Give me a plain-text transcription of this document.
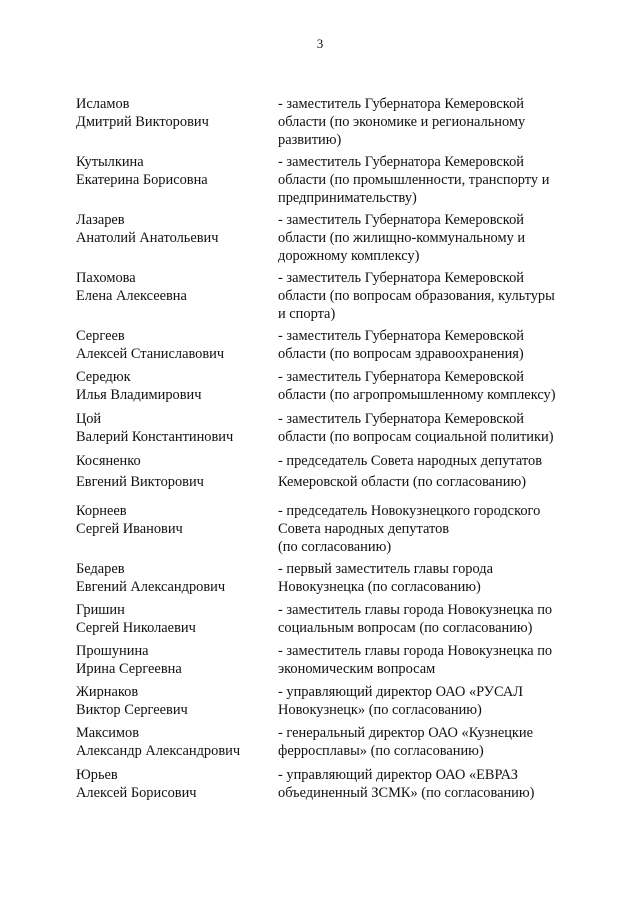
3
Исламов
Дмитрий Викторович
- заместитель Губернатора Кемеровской
области (по экономике и региональному
развитию)
Кутылкина
Екатерина Борисовна
- заместитель Губернатора Кемеровской
области (по промышленности, транспорту и
предпринимательству)
Лазарев
Анатолий Анатольевич
- заместитель Губернатора Кемеровской
области (по жилищно-коммунальному и
дорожному комплексу)
Пахомова
Елена Алексеевна
- заместитель Губернатора Кемеровской
области (по вопросам образования, культуры
и спорта)
Сергеев
Алексей Станиславович
- заместитель Губернатора Кемеровской
области (по вопросам здравоохранения)
Середюк
Илья Владимирович
- заместитель Губернатора Кемеровской
области (по агропромышленному комплексу)
Цой
Валерий Константинович
- заместитель Губернатора Кемеровской
области (по вопросам социальной политики)
Косяненко
Евгений Викторович
- председатель Совета народных депутатов
Кемеровской области (по согласованию)
Корнеев
Сергей Иванович
- председатель Новокузнецкого городского
Совета народных депутатов
(по согласованию)
Бедарев
Евгений Александрович
- первый заместитель главы города
Новокузнецка (по согласованию)
Гришин
Сергей Николаевич
- заместитель главы города Новокузнецка по
социальным вопросам (по согласованию)
Прошунина
Ирина Сергеевна
- заместитель главы города Новокузнецка по
экономическим вопросам
Жирнаков
Виктор Сергеевич
- управляющий директор ОАО «РУСАЛ
Новокузнецк» (по согласованию)
Максимов
Александр Александрович
- генеральный директор ОАО «Кузнецкие
ферросплавы» (по согласованию)
Юрьев
Алексей Борисович
- управляющий директор ОАО «ЕВРАЗ
объединенный ЗСМК» (по согласованию)
